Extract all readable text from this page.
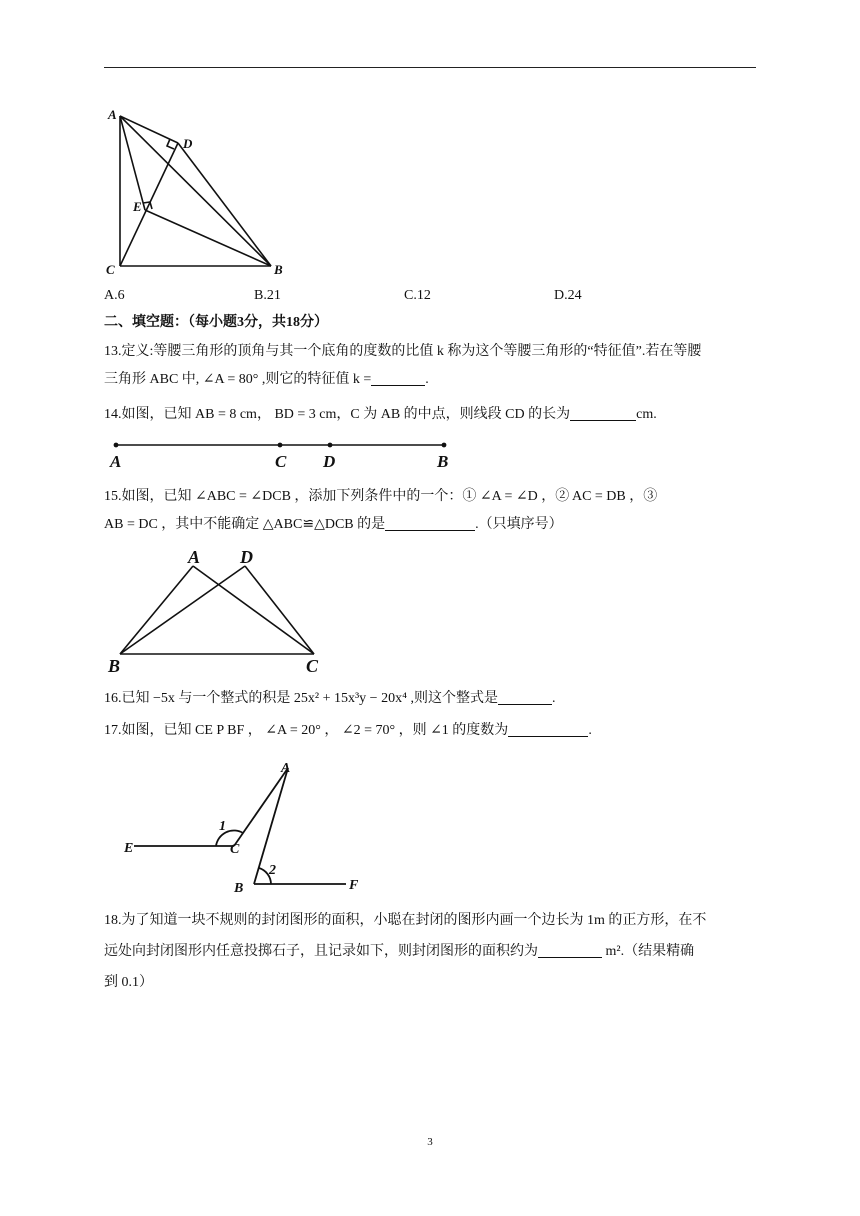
A
D
E
C	B
A.6	B.21	C.12	D.24
二、填空题：（每小题3分，共18分）
13.定义:等腰三角形的顶角与其一个底角的度数的比值 k 称为这个等腰三角形的“特征值”.若在等腰
三角形 ABC 中, ∠A = 80° ,则它的特征值 k =	.
14.如图，已知 AB = 8 cm， BD = 3 cm，C 为 AB 的中点，则线段 CD 的长为	cm.
A	C D	B
15.如图，已知 ∠ABC = ∠DCB ，添加下列条件中的一个：① ∠A = ∠D ，② AC = DB ，③
AB = DC ，其中不能确定 △ABC≌△DCB 的是	.（只填序号）
A D
B	C
16.已知 −5x 与一个整式的积是 25x² + 15x³y − 20x⁴ ,则这个整式是	.
17.如图，已知 CE P BF ， ∠A = 20° ， ∠2 = 70° ，则 ∠1 的度数为	.
A
E	C
B	F
1
2
18.为了知道一块不规则的封闭图形的面积，小聪在封闭的图形内画一个边长为 1m 的正方形，在不
远处向封闭图形内任意投掷石子，且记录如下，则封闭图形的面积约为	m².（结果精确
到 0.1）
3
